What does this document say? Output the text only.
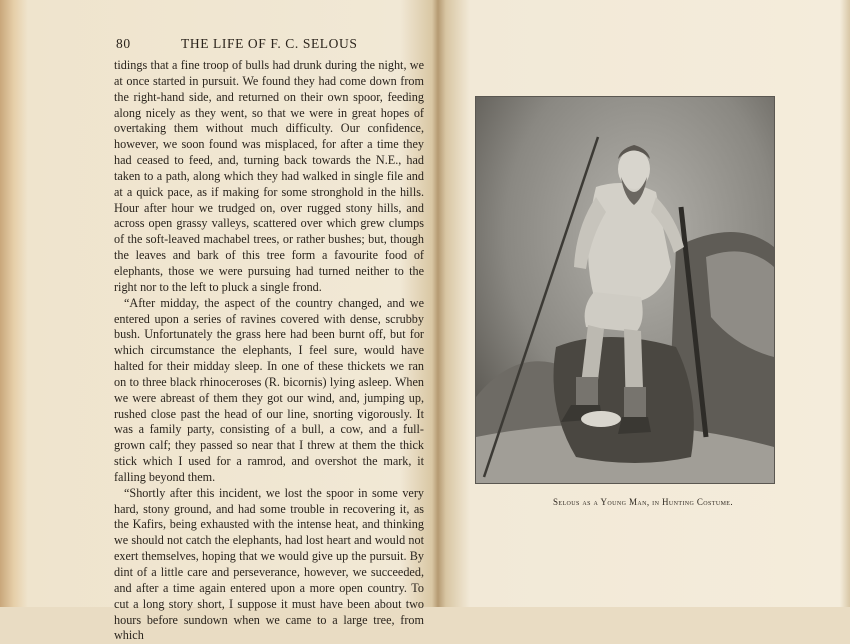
80	THE LIFE OF F. C. SELOUS

tidings that a fine troop of bulls had drunk during the night, we at once started in pursuit. We found they had come down from the right-hand side, and returned on their own spoor, feeding along nicely as they went, so that we were in great hopes of overtaking them without much difficulty. Our confidence, however, we soon found was misplaced, for after a time they had ceased to feed, and, turning back towards the N.E., had taken to a path, along which they had walked in single file and at a quick pace, as if making for some stronghold in the hills. Hour after hour we trudged on, over rugged stony hills, and across open grassy valleys, scattered over which grew clumps of the soft-leaved machabel trees, or rather bushes; but, though the leaves and bark of this tree form a favourite food of elephants, those we were pursuing had turned neither to the right nor to the left to pluck a single frond.

“After midday, the aspect of the country changed, and we entered upon a series of ravines covered with dense, scrubby bush. Unfortunately the grass here had been burnt off, but for which circumstance the elephants, I feel sure, would have halted for their midday sleep. In one of these thickets we ran on to three black rhinoceroses (R. bicornis) lying asleep. When we were abreast of them they got our wind, and, jumping up, rushed close past the head of our line, snorting vigorously. It was a family party, consisting of a bull, a cow, and a full-grown calf; they passed so near that I threw at them the thick stick which I used for a ramrod, and overshot the mark, it falling beyond them.

“Shortly after this incident, we lost the spoor in some very hard, stony ground, and had some trouble in recovering it, as the Kafirs, being exhausted with the intense heat, and thinking we should not catch the elephants, had lost heart and would not exert themselves, hoping that we would give up the pursuit. By dint of a little care and perseverance, however, we succeeded, and after a time again entered upon a more open country. To cut a long story short, I suppose it must have been about two hours before sundown when we came to a large tree, from which

Selous as a Young Man, in Hunting Costume.
